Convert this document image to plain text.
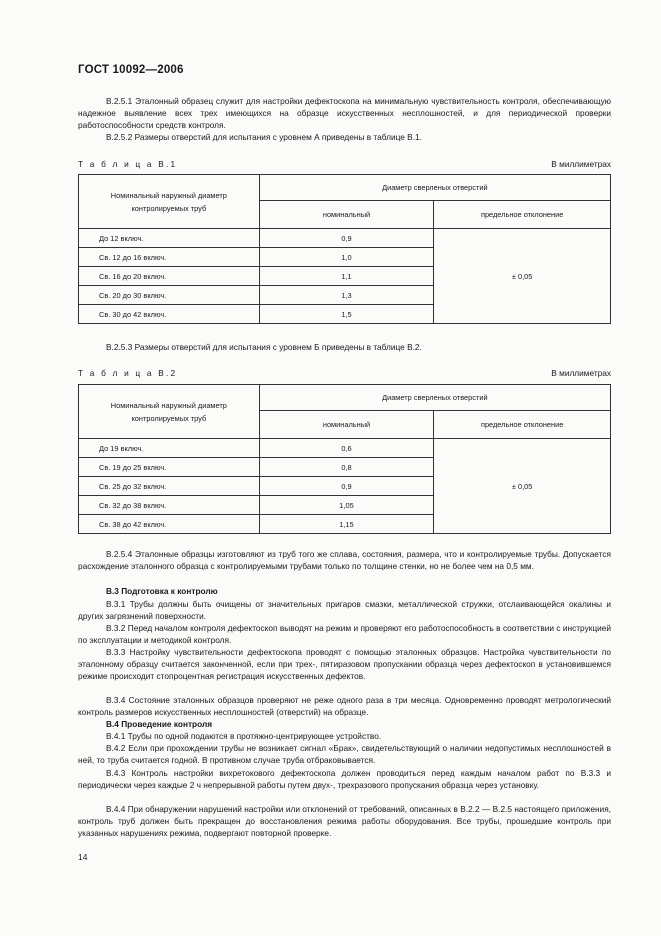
ГОСТ 10092—2006

В.2.5.1 Эталонный образец служит для настройки дефектоскопа на минимальную чувствительность контроля, обеспечивающую надежное выявление всех трех имеющихся на образце искусственных несплошностей, и для периодической проверки работоспособности средств контроля.

В.2.5.2 Размеры отверстий для испытания с уровнем А приведены в таблице В.1.

Т а б л и ц а В.1	В миллиметрах
Номинальный наружный диаметр
контролируемых труб	Диаметр сверленых отверстий	
	номинальный	предельное отклонение
До 12 включ.	0,9	± 0,05
Св. 12 до 16 включ.	1,0	
Св. 16 до 20 включ.	1,1	
Св. 20 до 30 включ.	1,3	
Св. 30 до 42 включ.	1,5	

В.2.5.3 Размеры отверстий для испытания с уровнем Б приведены в таблице В.2.

Т а б л и ц а В.2	В миллиметрах
Номинальный наружный диаметр
контролируемых труб	Диаметр сверленых отверстий	
	номинальный	предельное отклонение
До 19 включ.	0,6	± 0,05
Св. 19 до 25 включ.	0,8	
Св. 25 до 32 включ.	0,9	
Св. 32 до 38 включ.	1,05	
Св. 38 до 42 включ.	1,15	

В.2.5.4 Эталонные образцы изготовляют из труб того же сплава, состояния, размера, что и контролируемые трубы. Допускается расхождение эталонного образца с контролируемыми трубами только по толщине стенки, но не более чем на 0,5 мм.

В.3 Подготовка к контролю

В.3.1 Трубы должны быть очищены от значительных пригаров смазки, металлической стружки, отслаивающейся окалины и других загрязнений поверхности.

В.3.2 Перед началом контроля дефектоскоп выводят на режим и проверяют его работоспособность в соответствии с инструкцией по эксплуатации и методикой контроля.

В.3.3 Настройку чувствительности дефектоскопа проводят с помощью эталонных образцов. Настройка чувствительности по эталонному образцу считается законченной, если при трех-, пятиразовом пропускании образца через дефектоскоп в установившемся режиме происходит стопроцентная регистрация искусственных дефектов.

В.3.4 Состояние эталонных образцов проверяют не реже одного раза в три месяца. Одновременно проводят метрологический контроль размеров искусственных несплошностей (отверстий) на образце.

В.4 Проведение контроля

В.4.1 Трубы по одной подаются в протяжно-центрирующее устройство.

В.4.2 Если при прохождении трубы не возникает сигнал «Брак», свидетельствующий о наличии недопустимых несплошностей в ней, то труба считается годной. В противном случае труба отбраковывается.

В.4.3 Контроль настройки вихретокового дефектоскопа должен проводиться перед каждым началом работ по В.3.3 и периодически через каждые 2 ч непрерывной работы путем двух-, трехразового пропускания образца через установку.

В.4.4 При обнаружении нарушений настройки или отклонений от требований, описанных в В.2.2 — В.2.5 настоящего приложения, контроль труб должен быть прекращен до восстановления режима работы оборудования. Все трубы, прошедшие контроль при указанных нарушениях режима, подвергают повторной проверке.

14
